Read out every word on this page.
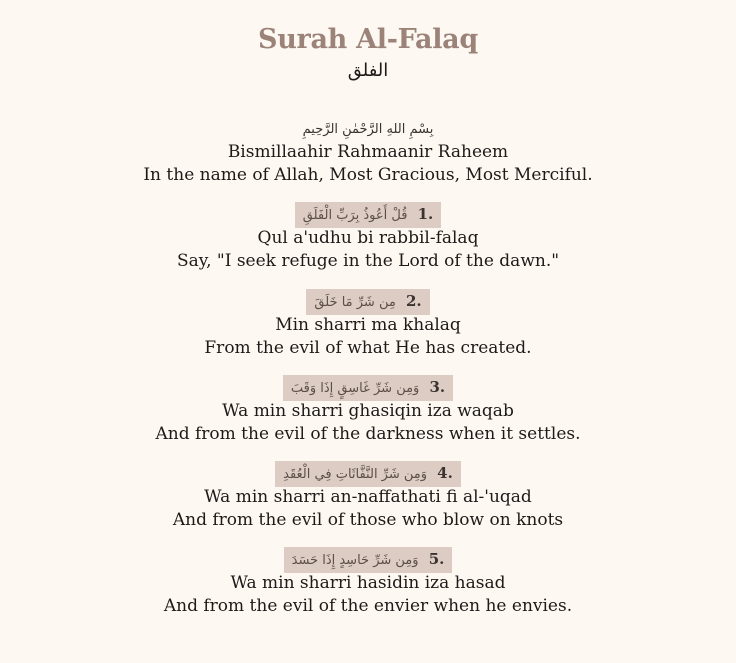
Surah Al-Falaq
الفلق
بِسْمِ اللهِ الرَّحْمٰنِ الرَّحِيمِ
Bismillaahir Rahmaanir Raheem
In the name of Allah, Most Gracious, Most Merciful.
قُلْ أَعُوذُ بِرَبِّ الْفَلَقِ 1.
Qul a'udhu bi rabbil-falaq
Say, "I seek refuge in the Lord of the dawn."
مِن شَرِّ مَا خَلَقَ 2.
Min sharri ma khalaq
From the evil of what He has created.
وَمِن شَرِّ غَاسِقٍ إِذَا وَقَبَ 3.
Wa min sharri ghasiqin iza waqab
And from the evil of the darkness when it settles.
وَمِن شَرِّ النَّفَّاثَاتِ فِي الْعُقَدِ 4.
Wa min sharri an-naffathati fi al-'uqad
And from the evil of those who blow on knots
وَمِن شَرِّ حَاسِدٍ إِذَا حَسَدَ 5.
Wa min sharri hasidin iza hasad
And from the evil of the envier when he envies.
